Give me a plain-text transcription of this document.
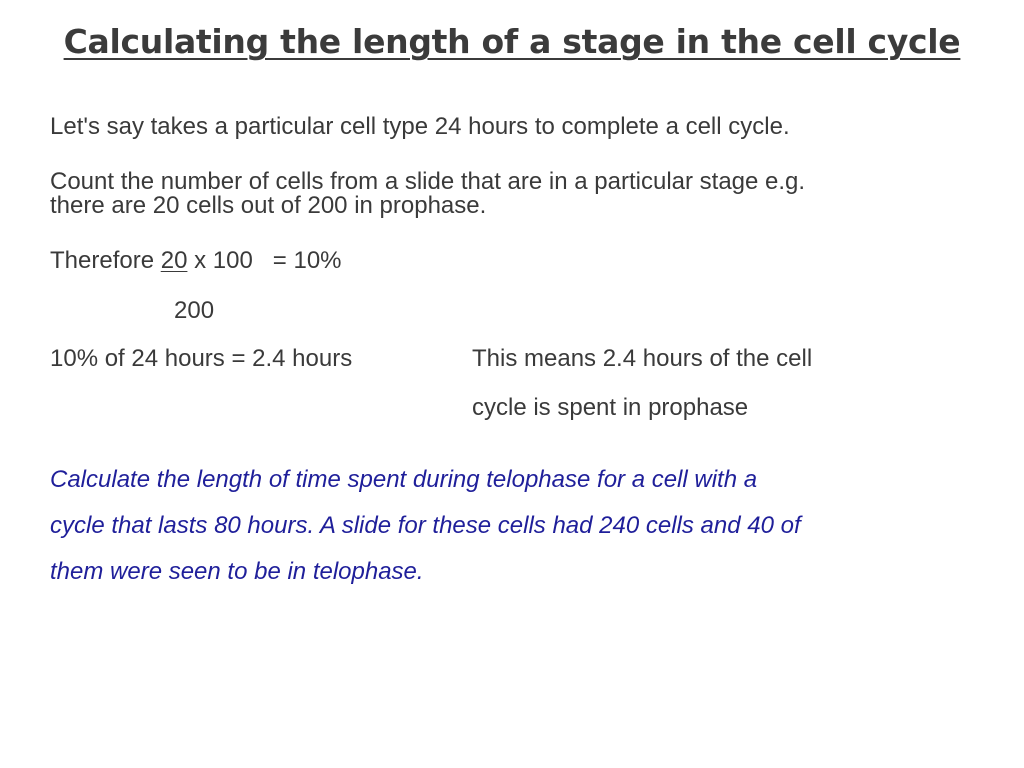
Calculating the length of a stage in the cell cycle

Let's say takes a particular cell type 24 hours to complete a cell cycle.

Count the number of cells from a slide that are in a particular stage e.g.
there are 20 cells out of 200 in prophase.

Therefore 20 x 100   = 10%

200

10% of 24 hours = 2.4 hours	This means 2.4 hours of the cell

cycle is spent in prophase

Calculate the length of time spent during telophase for a cell with a

cycle that lasts 80 hours. A slide for these cells had 240 cells and 40 of

them were seen to be in telophase.
